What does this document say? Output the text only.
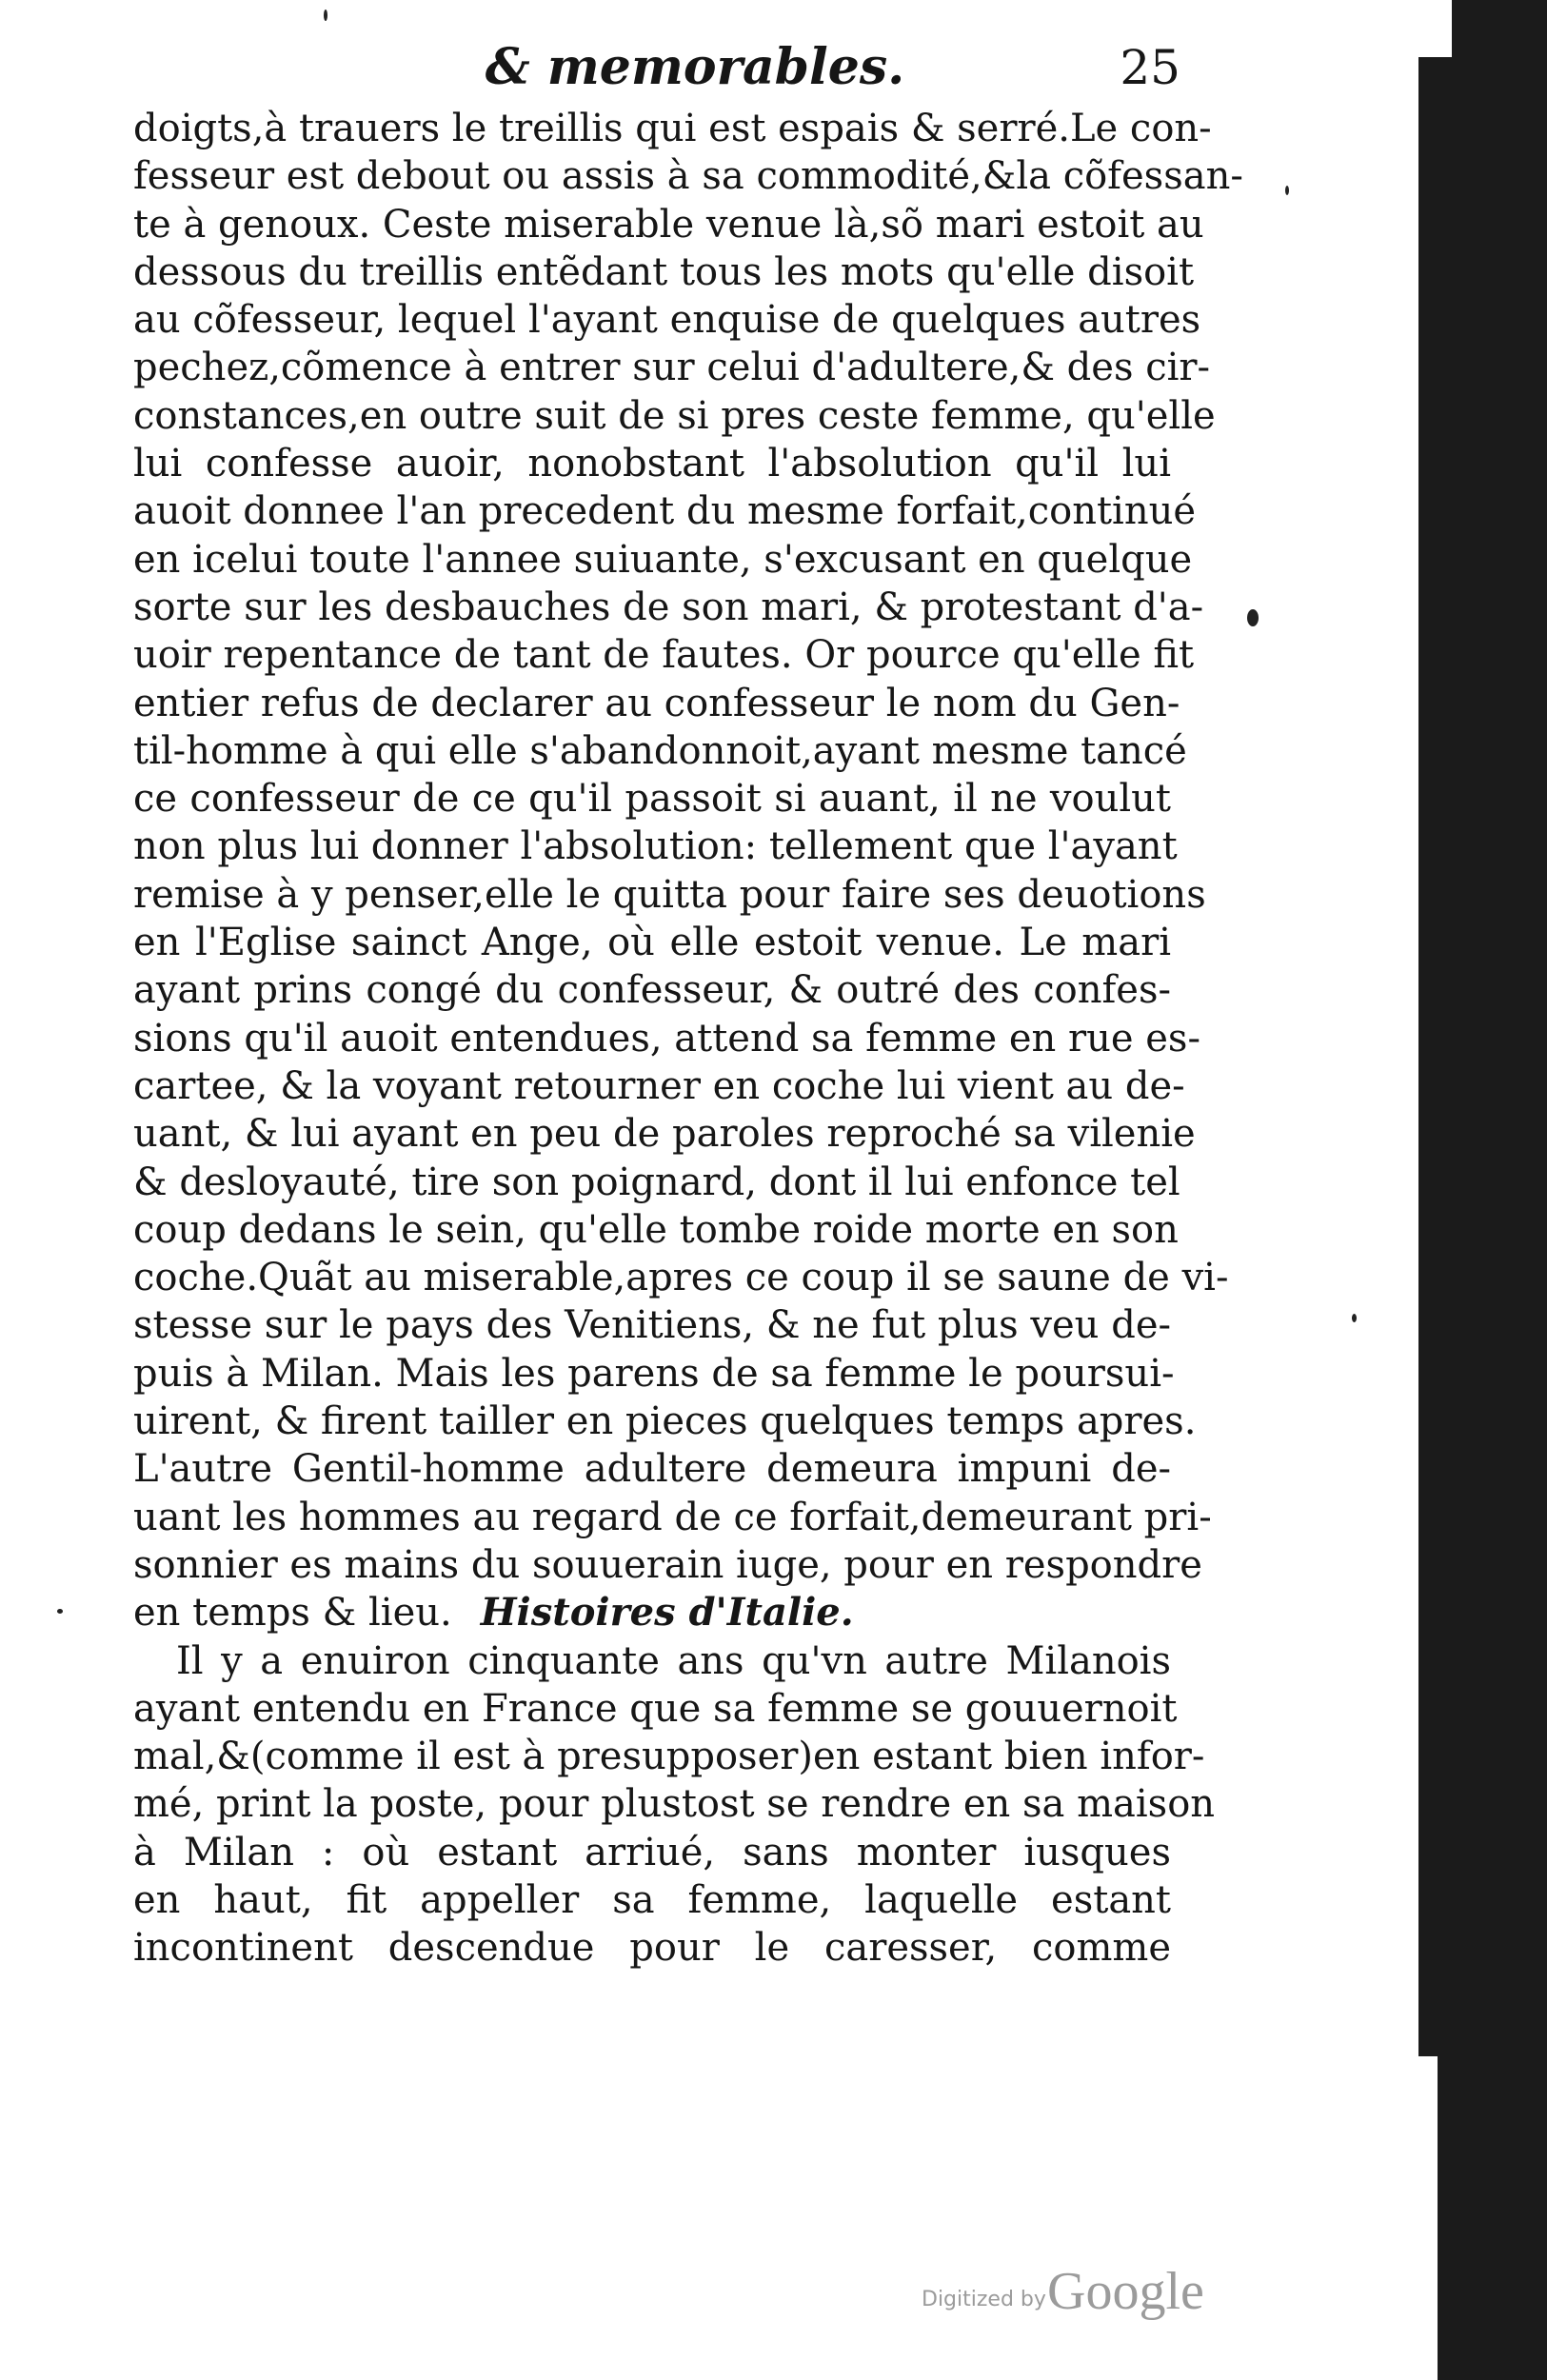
& memorables.	25
doigts,à trauers le treillis qui est espais & serré.Le con-
fesseur est debout ou assis à sa commodité,&la cõfessan-
te à genoux. Ceste miserable venue là,sõ mari estoit au
dessous du treillis entẽdant tous les mots qu'elle disoit
au cõfesseur, lequel l'ayant enquise de quelques autres
pechez,cõmence à entrer sur celui d'adultere,& des cir-
constances,en outre suit de si pres ceste femme, qu'elle
lui confesse auoir, nonobstant l'absolution qu'il lui
auoit donnee l'an precedent du mesme forfait,continué
en icelui toute l'annee suiuante, s'excusant en quelque
sorte sur les desbauches de son mari, & protestant d'a-
uoir repentance de tant de fautes. Or pource qu'elle fit
entier refus de declarer au confesseur le nom du Gen-
til-homme à qui elle s'abandonnoit,ayant mesme tancé
ce confesseur de ce qu'il passoit si auant, il ne voulut
non plus lui donner l'absolution: tellement que l'ayant
remise à y penser,elle le quitta pour faire ses deuotions
en l'Eglise sainct Ange, où elle estoit venue. Le mari
ayant prins congé du confesseur, & outré des confes-
sions qu'il auoit entendues, attend sa femme en rue es-
cartee, & la voyant retourner en coche lui vient au de-
uant, & lui ayant en peu de paroles reproché sa vilenie
& desloyauté, tire son poignard, dont il lui enfonce tel
coup dedans le sein, qu'elle tombe roide morte en son
coche.Quãt au miserable,apres ce coup il se saune de vi-
stesse sur le pays des Venitiens, & ne fut plus veu de-
puis à Milan. Mais les parens de sa femme le poursui-
uirent, & firent tailler en pieces quelques temps apres.
L'autre Gentil-homme adultere demeura impuni de-
uant les hommes au regard de ce forfait,demeurant pri-
sonnier es mains du souuerain iuge, pour en respondre
en temps & lieu. Histoires d'Italie.
Il y a enuiron cinquante ans qu'vn autre Milanois
ayant entendu en France que sa femme se gouuernoit
mal,&(comme il est à presupposer)en estant bien infor-
mé, print la poste, pour plustost se rendre en sa maison
à Milan : où estant arriué, sans monter iusques
en haut, fit appeller sa femme, laquelle estant
incontinent descendue pour le caresser, comme
Digitized by Google
